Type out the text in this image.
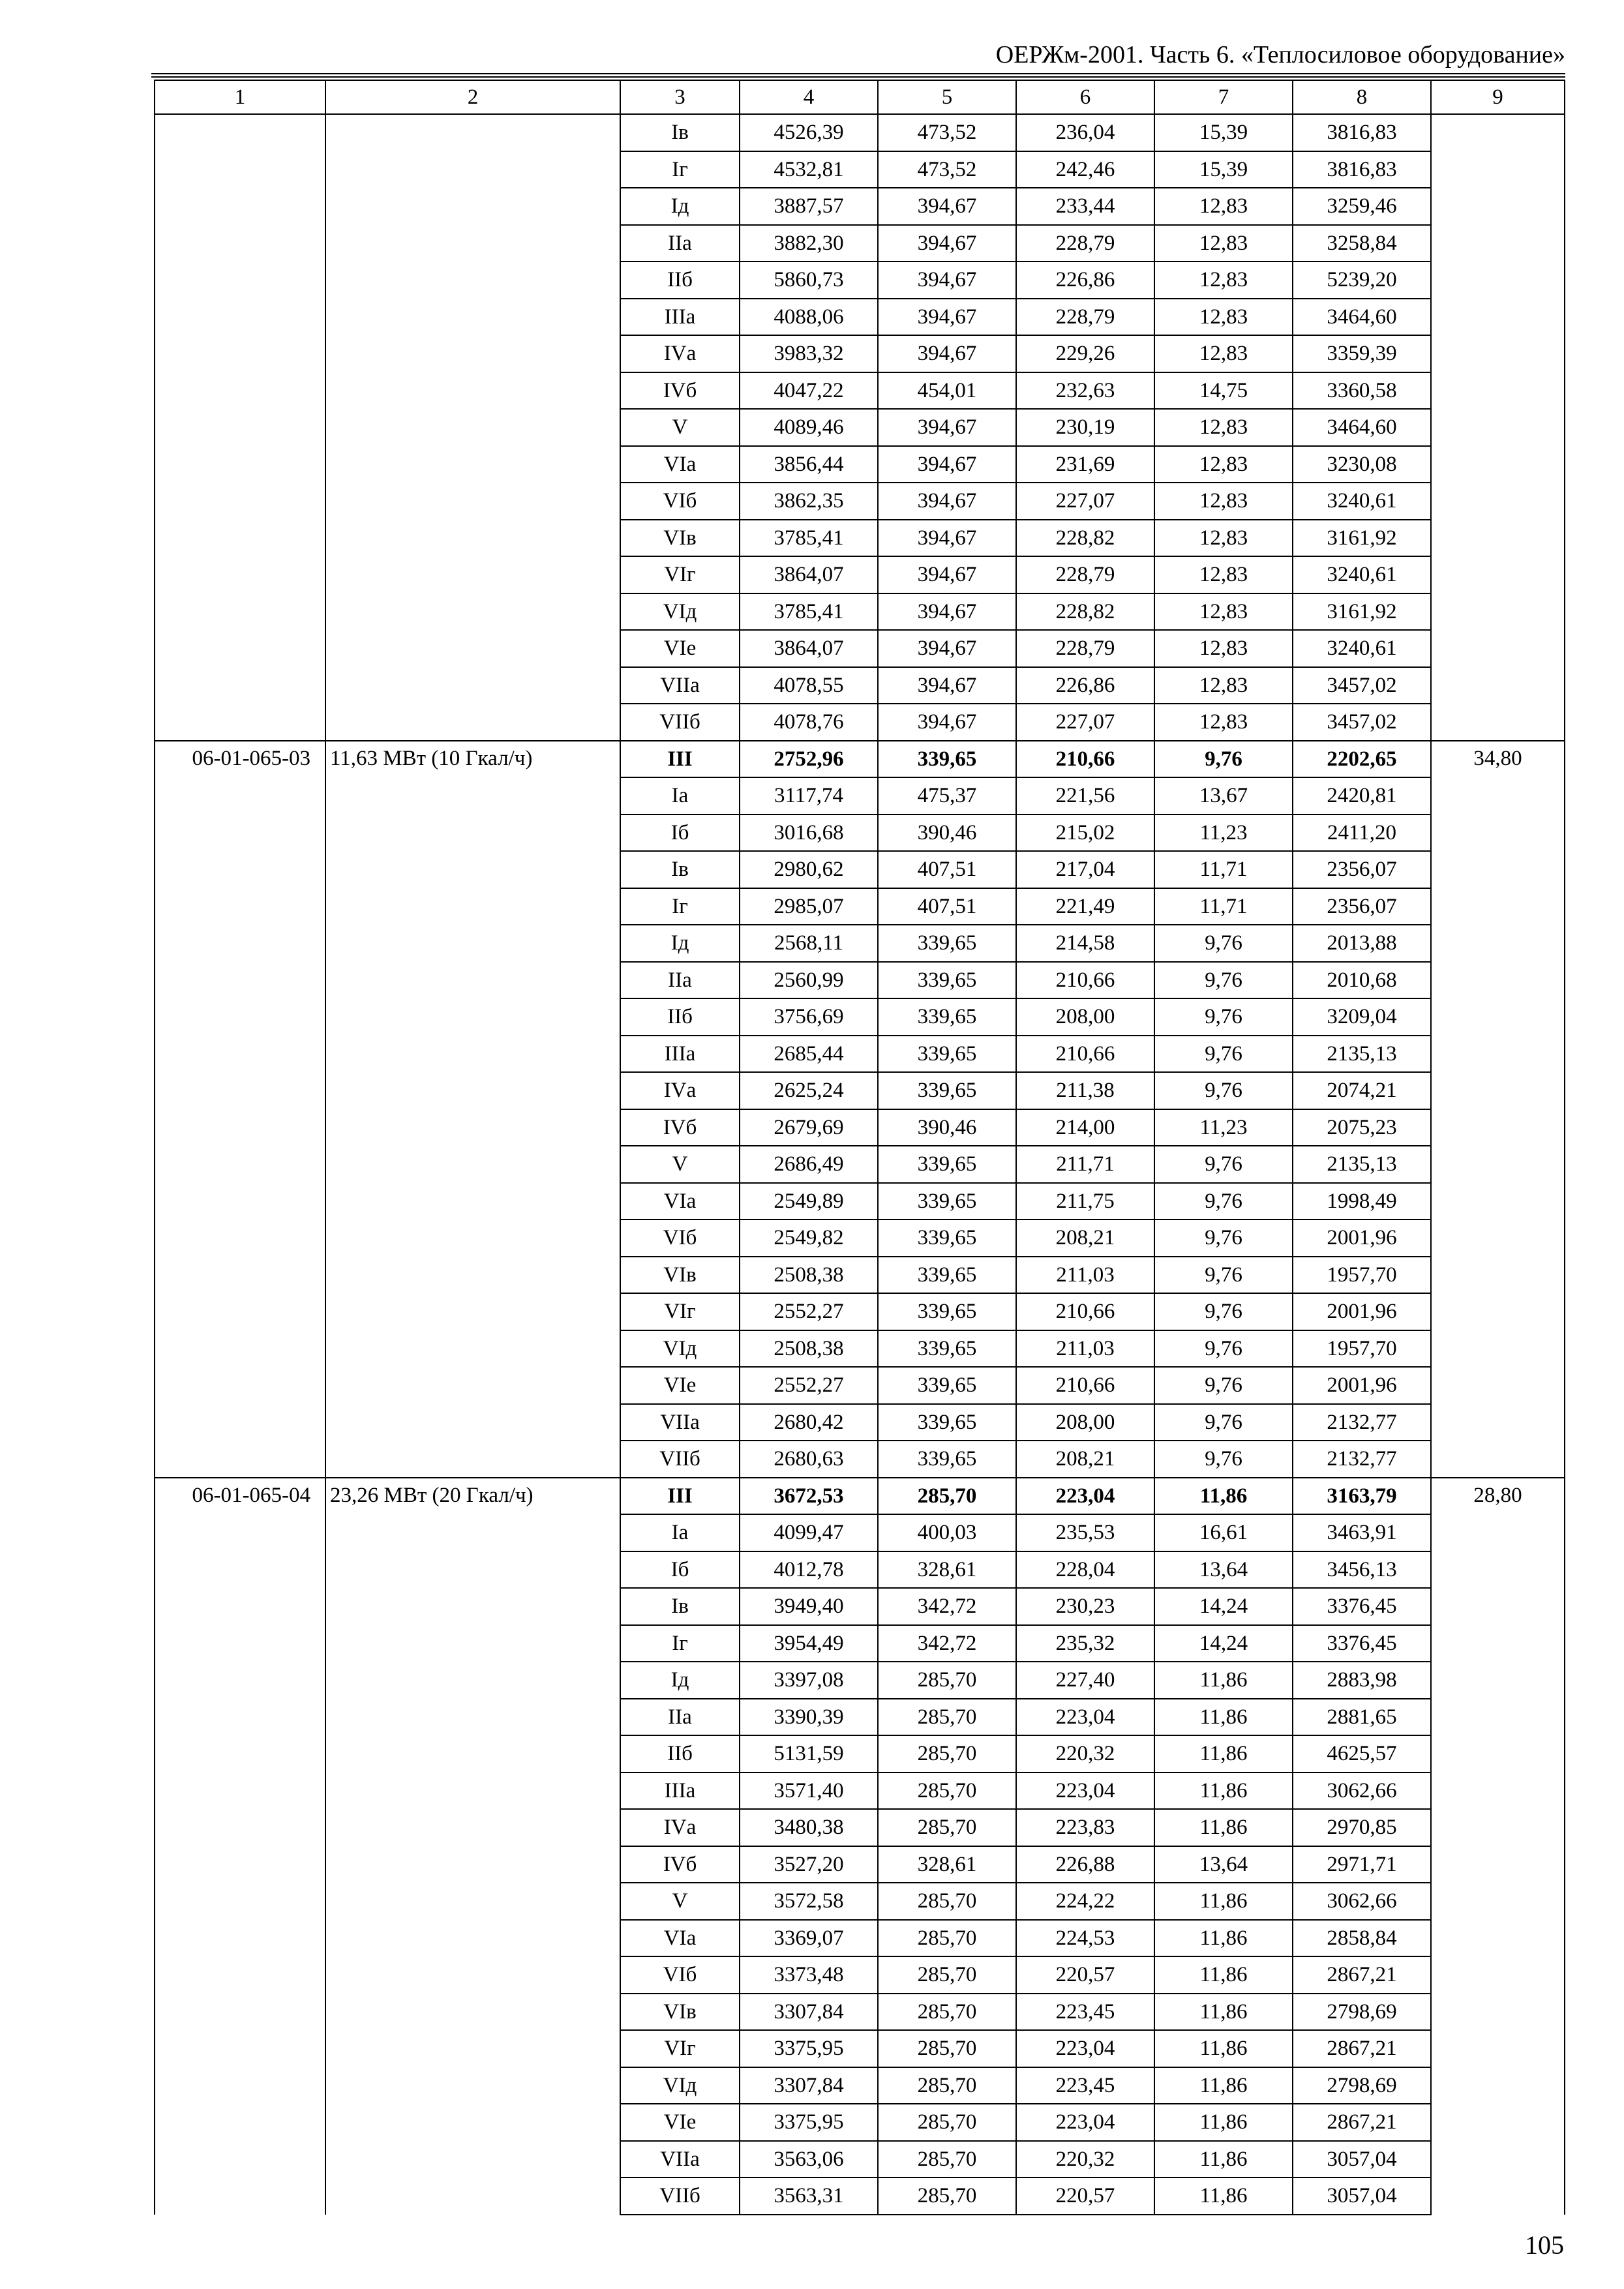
ОЕРЖм-2001. Часть 6. «Теплосиловое оборудование»
1	2	3	4	5	6	7	8	9
		Iв	4526,39	473,52	236,04	15,39	3816,83	
		Iг	4532,81	473,52	242,46	15,39	3816,83	
		Iд	3887,57	394,67	233,44	12,83	3259,46	
		IIа	3882,30	394,67	228,79	12,83	3258,84	
		IIб	5860,73	394,67	226,86	12,83	5239,20	
		IIIа	4088,06	394,67	228,79	12,83	3464,60	
		IVа	3983,32	394,67	229,26	12,83	3359,39	
		IVб	4047,22	454,01	232,63	14,75	3360,58	
		V	4089,46	394,67	230,19	12,83	3464,60	
		VIа	3856,44	394,67	231,69	12,83	3230,08	
		VIб	3862,35	394,67	227,07	12,83	3240,61	
		VIв	3785,41	394,67	228,82	12,83	3161,92	
		VIг	3864,07	394,67	228,79	12,83	3240,61	
		VIд	3785,41	394,67	228,82	12,83	3161,92	
		VIе	3864,07	394,67	228,79	12,83	3240,61	
		VIIа	4078,55	394,67	226,86	12,83	3457,02	
		VIIб	4078,76	394,67	227,07	12,83	3457,02	
06-01-065-03	11,63 МВт (10 Гкал/ч)	III	2752,96	339,65	210,66	9,76	2202,65	34,80
		Iа	3117,74	475,37	221,56	13,67	2420,81	
		Iб	3016,68	390,46	215,02	11,23	2411,20	
		Iв	2980,62	407,51	217,04	11,71	2356,07	
		Iг	2985,07	407,51	221,49	11,71	2356,07	
		Iд	2568,11	339,65	214,58	9,76	2013,88	
		IIа	2560,99	339,65	210,66	9,76	2010,68	
		IIб	3756,69	339,65	208,00	9,76	3209,04	
		IIIа	2685,44	339,65	210,66	9,76	2135,13	
		IVа	2625,24	339,65	211,38	9,76	2074,21	
		IVб	2679,69	390,46	214,00	11,23	2075,23	
		V	2686,49	339,65	211,71	9,76	2135,13	
		VIа	2549,89	339,65	211,75	9,76	1998,49	
		VIб	2549,82	339,65	208,21	9,76	2001,96	
		VIв	2508,38	339,65	211,03	9,76	1957,70	
		VIг	2552,27	339,65	210,66	9,76	2001,96	
		VIд	2508,38	339,65	211,03	9,76	1957,70	
		VIе	2552,27	339,65	210,66	9,76	2001,96	
		VIIа	2680,42	339,65	208,00	9,76	2132,77	
		VIIб	2680,63	339,65	208,21	9,76	2132,77	
06-01-065-04	23,26 МВт (20 Гкал/ч)	III	3672,53	285,70	223,04	11,86	3163,79	28,80
		Iа	4099,47	400,03	235,53	16,61	3463,91	
		Iб	4012,78	328,61	228,04	13,64	3456,13	
		Iв	3949,40	342,72	230,23	14,24	3376,45	
		Iг	3954,49	342,72	235,32	14,24	3376,45	
		Iд	3397,08	285,70	227,40	11,86	2883,98	
		IIа	3390,39	285,70	223,04	11,86	2881,65	
		IIб	5131,59	285,70	220,32	11,86	4625,57	
		IIIа	3571,40	285,70	223,04	11,86	3062,66	
		IVа	3480,38	285,70	223,83	11,86	2970,85	
		IVб	3527,20	328,61	226,88	13,64	2971,71	
		V	3572,58	285,70	224,22	11,86	3062,66	
		VIа	3369,07	285,70	224,53	11,86	2858,84	
		VIб	3373,48	285,70	220,57	11,86	2867,21	
		VIв	3307,84	285,70	223,45	11,86	2798,69	
		VIг	3375,95	285,70	223,04	11,86	2867,21	
		VIд	3307,84	285,70	223,45	11,86	2798,69	
		VIе	3375,95	285,70	223,04	11,86	2867,21	
		VIIа	3563,06	285,70	220,32	11,86	3057,04	
		VIIб	3563,31	285,70	220,57	11,86	3057,04	
105
